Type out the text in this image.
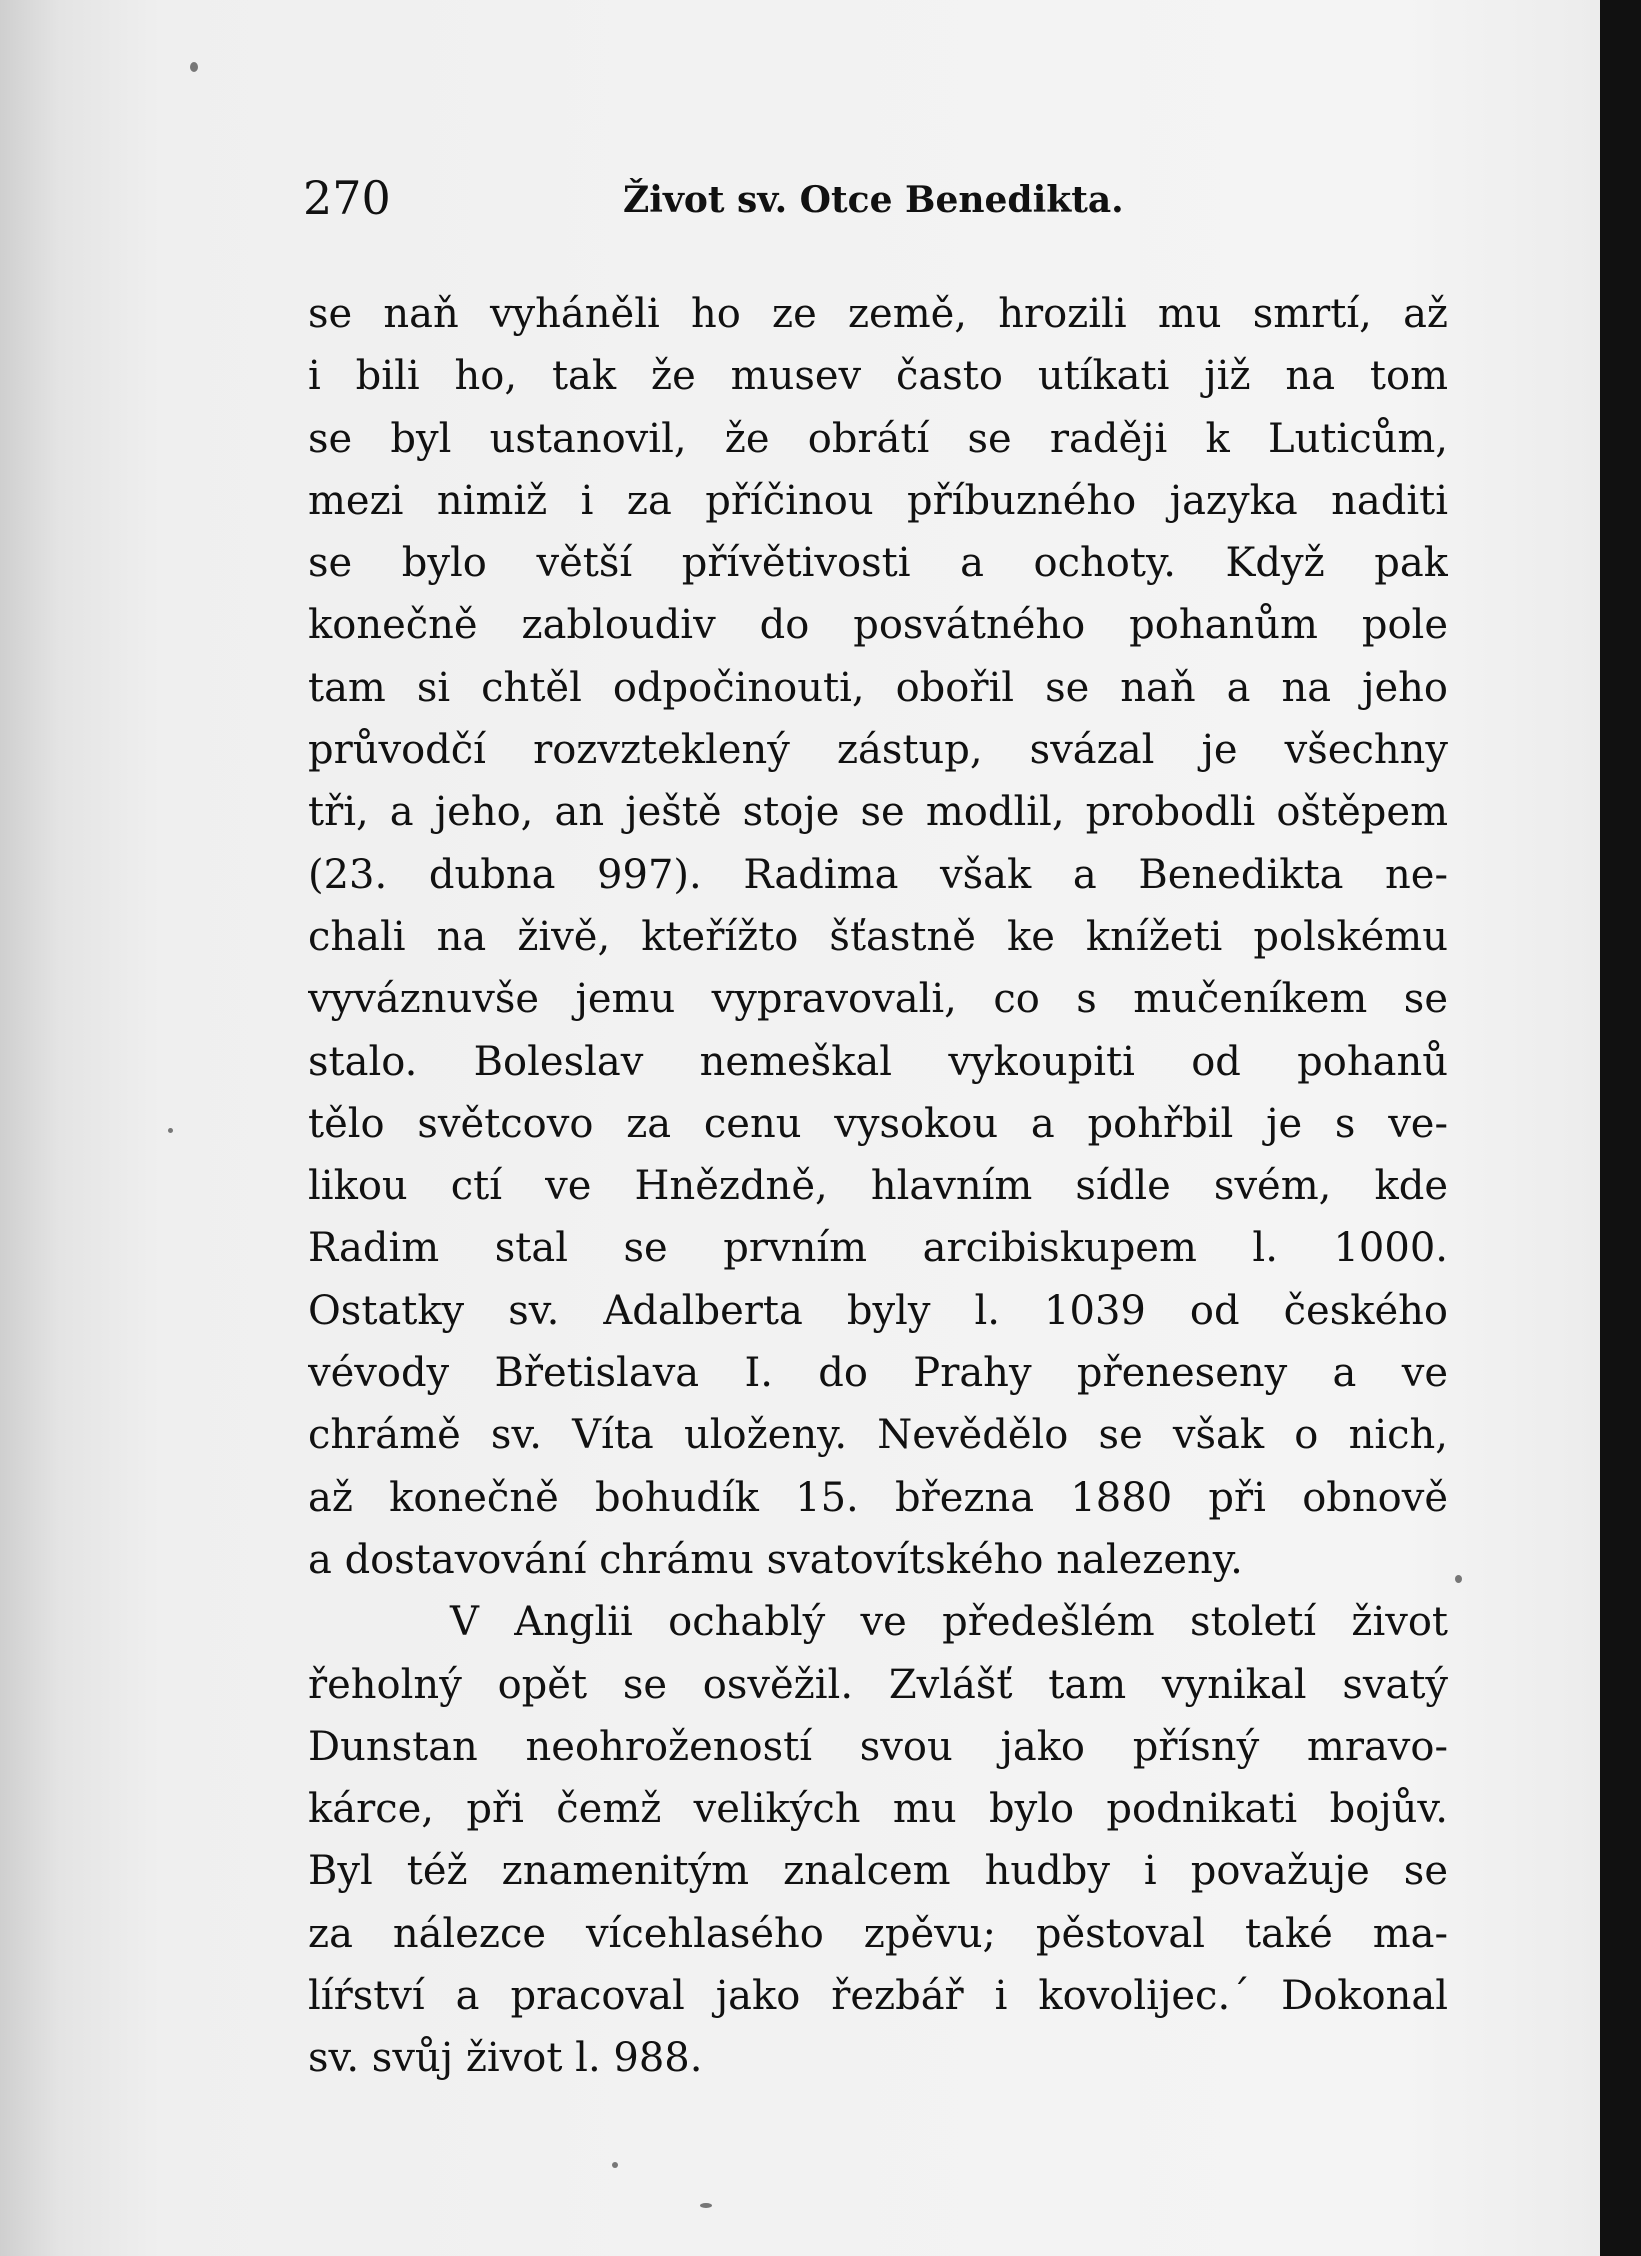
270	Život sv. Otce Benedikta.
se naň vyháněli ho ze země, hrozili mu smrtí, až
i bili ho, tak že musev často utíkati již na tom
se byl ustanovil, že obrátí se raději k Luticům,
mezi nimiž i za příčinou příbuzného jazyka naditi
se bylo větší přívětivosti a ochoty. Když pak
konečně zabloudiv do posvátného pohanům pole
tam si chtěl odpočinouti, obořil se naň a na jeho
průvodčí rozvzteklený zástup, svázal je všechny
tři, a jeho, an ještě stoje se modlil, probodli oštěpem
(23. dubna 997). Radima však a Benedikta ne-
chali na živě, kteřížto šťastně ke knížeti polskému
vyváznuvše jemu vypravovali, co s mučeníkem se
stalo. Boleslav nemeškal vykoupiti od pohanů
tělo světcovo za cenu vysokou a pohřbil je s ve-
likou ctí ve Hnězdně, hlavním sídle svém, kde
Radim stal se prvním arcibiskupem l. 1000.
Ostatky sv. Adalberta byly l. 1039 od českého
vévody Břetislava I. do Prahy přeneseny a ve
chrámě sv. Víta uloženy. Nevědělo se však o nich,
až konečně bohudík 15. března 1880 při obnově
a dostavování chrámu svatovítského nalezeny.
V Anglii ochablý ve předešlém století život
řeholný opět se osvěžil. Zvlášť tam vynikal svatý
Dunstan neohrožeností svou jako přísný mravo-
kárce, při čemž velikých mu bylo podnikati bojův.
Byl též znamenitým znalcem hudby i považuje se
za nálezce vícehlasého zpěvu; pěstoval také ma-
líŕství a pracoval jako řezbář i kovolijec.´ Dokonal
sv. svůj život l. 988.
